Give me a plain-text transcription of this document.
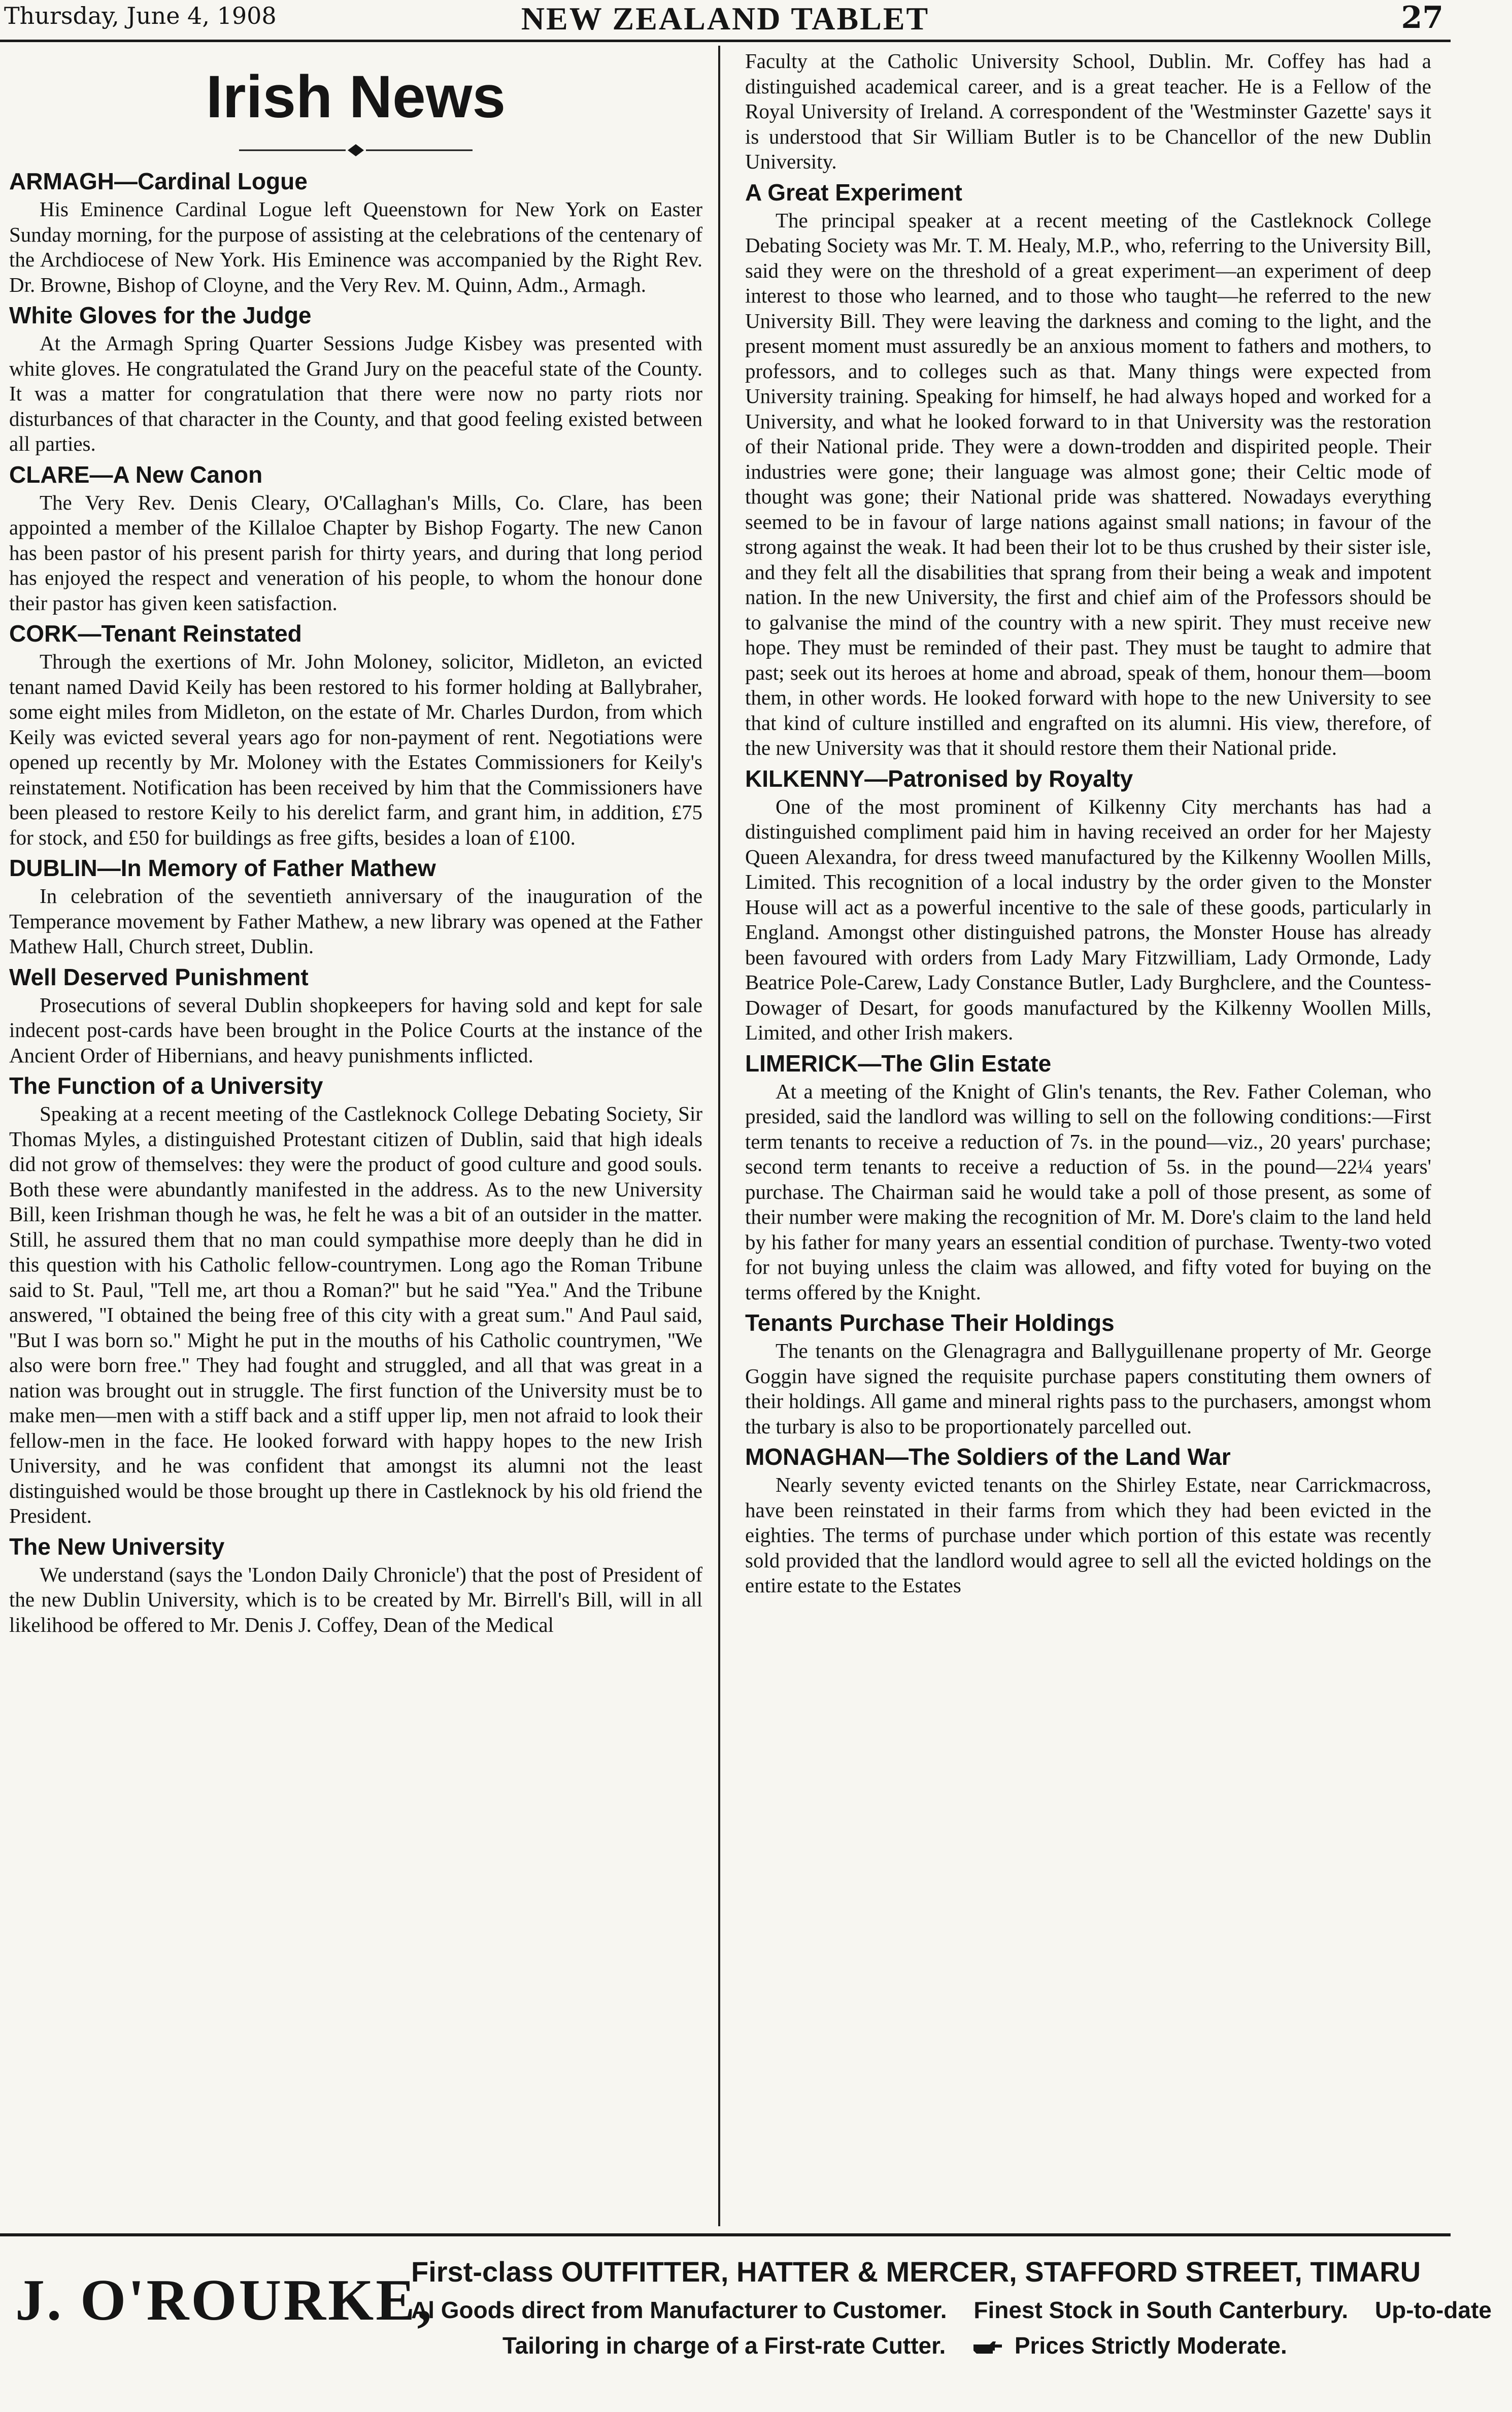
Thursday, June 4, 1908	NEW ZEALAND TABLET	27
Irish News
ARMAGH—Cardinal Logue

His Eminence Cardinal Logue left Queenstown for New York on Easter Sunday morning, for the purpose of assisting at the celebrations of the centenary of the Archdiocese of New York. His Eminence was accompanied by the Right Rev. Dr. Browne, Bishop of Cloyne, and the Very Rev. M. Quinn, Adm., Armagh.

White Gloves for the Judge

At the Armagh Spring Quarter Sessions Judge Kisbey was presented with white gloves. He congratulated the Grand Jury on the peaceful state of the County. It was a matter for congratulation that there were now no party riots nor disturbances of that character in the County, and that good feeling existed between all parties.

CLARE—A New Canon

The Very Rev. Denis Cleary, O'Callaghan's Mills, Co. Clare, has been appointed a member of the Killaloe Chapter by Bishop Fogarty. The new Canon has been pastor of his present parish for thirty years, and during that long period has enjoyed the respect and veneration of his people, to whom the honour done their pastor has given keen satisfaction.

CORK—Tenant Reinstated

Through the exertions of Mr. John Moloney, solicitor, Midleton, an evicted tenant named David Keily has been restored to his former holding at Ballybraher, some eight miles from Midleton, on the estate of Mr. Charles Durdon, from which Keily was evicted several years ago for non-payment of rent. Negotiations were opened up recently by Mr. Moloney with the Estates Commissioners for Keily's reinstatement. Notification has been received by him that the Commissioners have been pleased to restore Keily to his derelict farm, and grant him, in addition, £75 for stock, and £50 for buildings as free gifts, besides a loan of £100.

DUBLIN—In Memory of Father Mathew

In celebration of the seventieth anniversary of the inauguration of the Temperance movement by Father Mathew, a new library was opened at the Father Mathew Hall, Church street, Dublin.

Well Deserved Punishment

Prosecutions of several Dublin shopkeepers for having sold and kept for sale indecent post-cards have been brought in the Police Courts at the instance of the Ancient Order of Hibernians, and heavy punishments inflicted.

The Function of a University

Speaking at a recent meeting of the Castleknock College Debating Society, Sir Thomas Myles, a distinguished Protestant citizen of Dublin, said that high ideals did not grow of themselves: they were the product of good culture and good souls. Both these were abundantly manifested in the address. As to the new University Bill, keen Irishman though he was, he felt he was a bit of an outsider in the matter. Still, he assured them that no man could sympathise more deeply than he did in this question with his Catholic fellow-countrymen. Long ago the Roman Tribune said to St. Paul, ''Tell me, art thou a Roman?'' but he said ''Yea.'' And the Tribune answered, ''I obtained the being free of this city with a great sum.'' And Paul said, ''But I was born so.'' Might he put in the mouths of his Catholic countrymen, ''We also were born free.'' They had fought and struggled, and all that was great in a nation was brought out in struggle. The first function of the University must be to make men—men with a stiff back and a stiff upper lip, men not afraid to look their fellow-men in the face. He looked forward with happy hopes to the new Irish University, and he was confident that amongst its alumni not the least distinguished would be those brought up there in Castleknock by his old friend the President.

The New University

We understand (says the 'London Daily Chronicle') that the post of President of the new Dublin University, which is to be created by Mr. Birrell's Bill, will in all likelihood be offered to Mr. Denis J. Coffey, Dean of the Medical

Faculty at the Catholic University School, Dublin. Mr. Coffey has had a distinguished academical career, and is a great teacher. He is a Fellow of the Royal University of Ireland. A correspondent of the 'Westminster Gazette' says it is understood that Sir William Butler is to be Chancellor of the new Dublin University.

A Great Experiment

The principal speaker at a recent meeting of the Castleknock College Debating Society was Mr. T. M. Healy, M.P., who, referring to the University Bill, said they were on the threshold of a great experiment—an experiment of deep interest to those who learned, and to those who taught—he referred to the new University Bill. They were leaving the darkness and coming to the light, and the present moment must assuredly be an anxious moment to fathers and mothers, to professors, and to colleges such as that. Many things were expected from University training. Speaking for himself, he had always hoped and worked for a University, and what he looked forward to in that University was the restoration of their National pride. They were a down-trodden and dispirited people. Their industries were gone; their language was almost gone; their Celtic mode of thought was gone; their National pride was shattered. Nowadays everything seemed to be in favour of large nations against small nations; in favour of the strong against the weak. It had been their lot to be thus crushed by their sister isle, and they felt all the disabilities that sprang from their being a weak and impotent nation. In the new University, the first and chief aim of the Professors should be to galvanise the mind of the country with a new spirit. They must receive new hope. They must be reminded of their past. They must be taught to admire that past; seek out its heroes at home and abroad, speak of them, honour them—boom them, in other words. He looked forward with hope to the new University to see that kind of culture instilled and engrafted on its alumni. His view, therefore, of the new University was that it should restore them their National pride.

KILKENNY—Patronised by Royalty

One of the most prominent of Kilkenny City merchants has had a distinguished compliment paid him in having received an order for her Majesty Queen Alexandra, for dress tweed manufactured by the Kilkenny Woollen Mills, Limited. This recognition of a local industry by the order given to the Monster House will act as a powerful incentive to the sale of these goods, particularly in England. Amongst other distinguished patrons, the Monster House has already been favoured with orders from Lady Mary Fitzwilliam, Lady Ormonde, Lady Beatrice Pole-Carew, Lady Constance Butler, Lady Burghclere, and the Countess-Dowager of Desart, for goods manufactured by the Kilkenny Woollen Mills, Limited, and other Irish makers.

LIMERICK—The Glin Estate

At a meeting of the Knight of Glin's tenants, the Rev. Father Coleman, who presided, said the landlord was willing to sell on the following conditions:—First term tenants to receive a reduction of 7s. in the pound—viz., 20 years' purchase; second term tenants to receive a reduction of 5s. in the pound—22¼ years' purchase. The Chairman said he would take a poll of those present, as some of their number were making the recognition of Mr. M. Dore's claim to the land held by his father for many years an essential condition of purchase. Twenty-two voted for not buying unless the claim was allowed, and fifty voted for buying on the terms offered by the Knight.

Tenants Purchase Their Holdings

The tenants on the Glenagragra and Ballyguillenane property of Mr. George Goggin have signed the requisite purchase papers constituting them owners of their holdings. All game and mineral rights pass to the purchasers, amongst whom the turbary is also to be proportionately parcelled out.

MONAGHAN—The Soldiers of the Land War

Nearly seventy evicted tenants on the Shirley Estate, near Carrickmacross, have been reinstated in their farms from which they had been evicted in the eighties. The terms of purchase under which portion of this estate was recently sold provided that the landlord would agree to sell all the evicted holdings on the entire estate to the Estates

J. O'ROURKE,
First-class OUTFITTER, HATTER & MERCER, STAFFORD STREET, TIMARU
Al Goods direct from Manufacturer to Customer. Finest Stock in South Canterbury. Up-to-date
Tailoring in charge of a First-rate Cutter.	Prices Strictly Moderate.
